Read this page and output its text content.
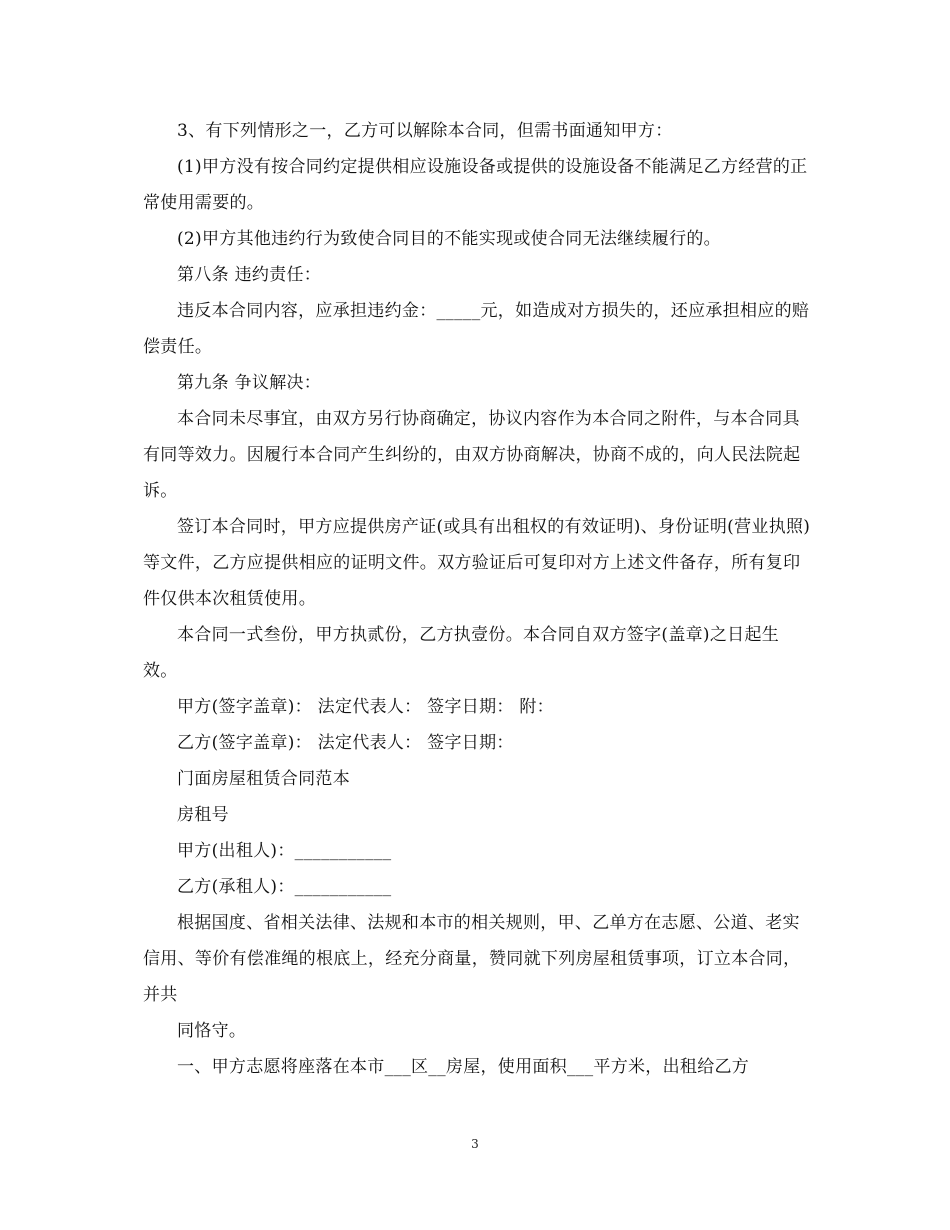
3、有下列情形之一，乙方可以解除本合同，但需书面通知甲方：

(1)甲方没有按合同约定提供相应设施设备或提供的设施设备不能满足乙方经营的正常使用需要的。

(2)甲方其他违约行为致使合同目的不能实现或使合同无法继续履行的。

第八条 违约责任：

违反本合同内容，应承担违约金：_____元，如造成对方损失的，还应承担相应的赔偿责任。

第九条 争议解决：

本合同未尽事宜，由双方另行协商确定，协议内容作为本合同之附件，与本合同具有同等效力。因履行本合同产生纠纷的，由双方协商解决，协商不成的，向人民法院起诉。

签订本合同时，甲方应提供房产证(或具有出租权的有效证明)、身份证明(营业执照)等文件，乙方应提供相应的证明文件。双方验证后可复印对方上述文件备存，所有复印件仅供本次租赁使用。

本合同一式叁份，甲方执贰份，乙方执壹份。本合同自双方签字(盖章)之日起生效。

甲方(签字盖章)： 法定代表人： 签字日期： 附：

乙方(签字盖章)： 法定代表人： 签字日期：

门面房屋租赁合同范本

房租号

甲方(出租人)：___________

乙方(承租人)：___________

根据国度、省相关法律、法规和本市的相关规则，甲、乙单方在志愿、公道、老实信用、等价有偿准绳的根底上，经充分商量，赞同就下列房屋租赁事项，订立本合同，并共

同恪守。

一、甲方志愿将座落在本市___区__房屋，使用面积___平方米，出租给乙方

3
